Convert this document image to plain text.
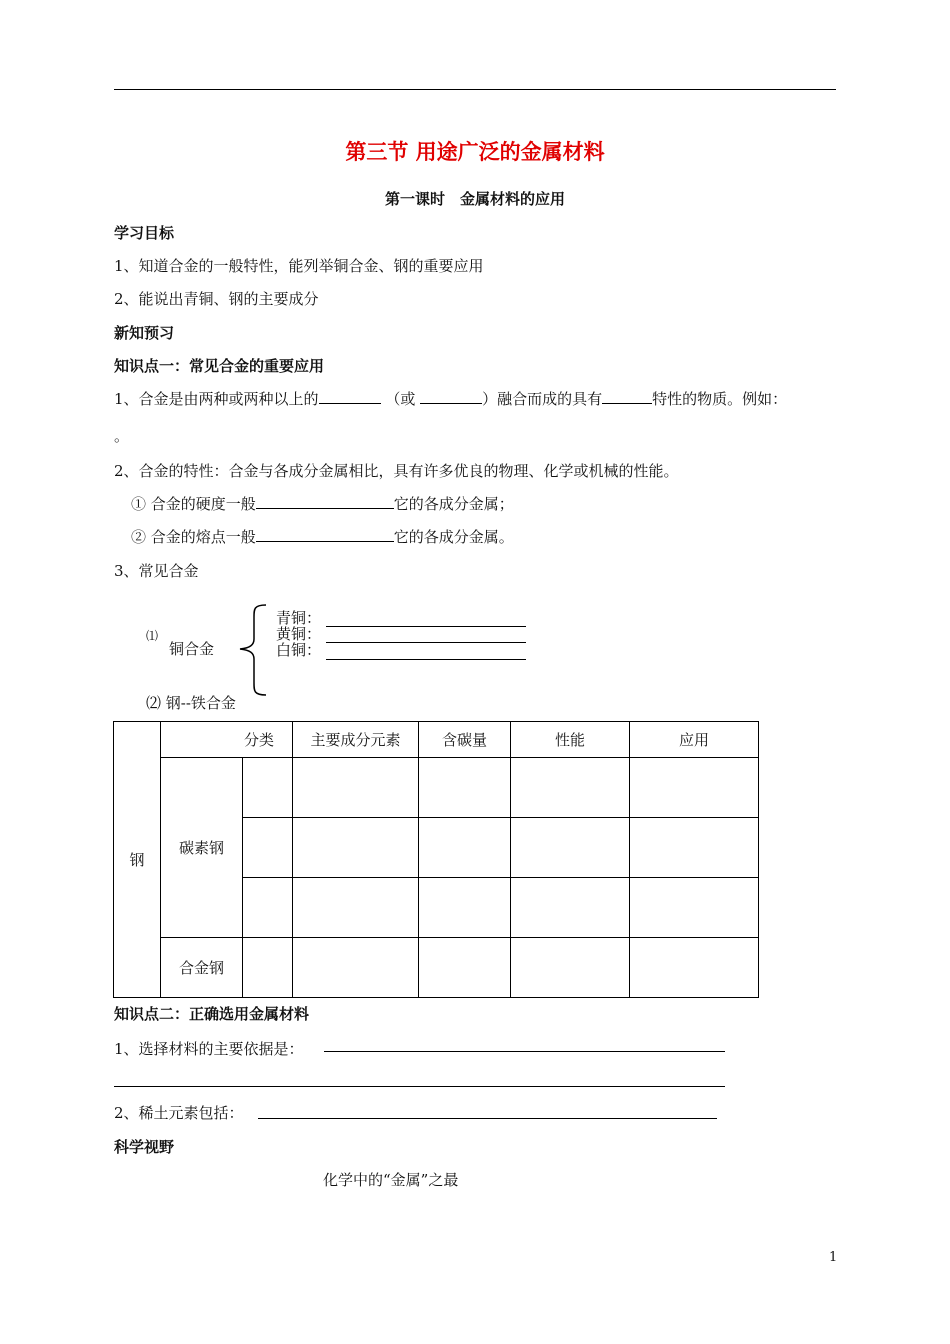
第三节 用途广泛的金属材料
第一课时　金属材料的应用
学习目标
1、知道合金的一般特性，能列举铜合金、钢的重要应用
2、能说出青铜、钢的主要成分
新知预习
知识点一：常见合金的重要应用
1、合金是由两种或两种以上的	（或	）融合而成的具有	特性的物质。例如：
。
2、合金的特性：合金与各成分金属相比，具有许多优良的物理、化学或机械的性能。
① 合金的硬度一般	它的各成分金属；
② 合金的熔点一般	它的各成分金属。
3、常见合金
⑴
铜合金
青铜：
黄铜：
白铜：
⑵ 钢--铁合金
钢	分类		主要成分元素	含碳量	性能	应用
	碳素钢					

	合金钢					
知识点二：正确选用金属材料
1、选择材料的主要依据是：
2、稀土元素包括：
科学视野
化学中的“金属”之最
1
